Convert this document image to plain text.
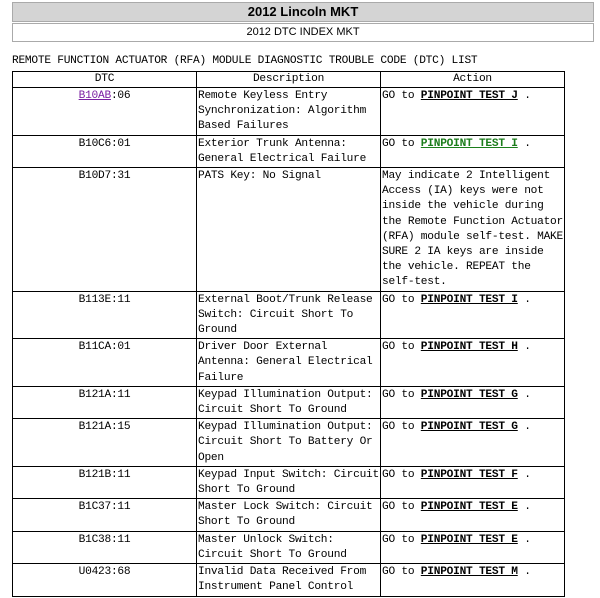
2012 Lincoln MKT
2012 DTC INDEX MKT
REMOTE FUNCTION ACTUATOR (RFA) MODULE DIAGNOSTIC TROUBLE CODE (DTC) LIST
DTC	Description	Action
B10AB:06	Remote Keyless Entry Synchronization: Algorithm Based Failures	GO to PINPOINT TEST J .
B10C6:01	Exterior Trunk Antenna: General Electrical Failure	GO to PINPOINT TEST I .
B10D7:31	PATS Key: No Signal	May indicate 2 Intelligent Access (IA) keys were not inside the vehicle during the Remote Function Actuator (RFA) module self-test. MAKE SURE 2 IA keys are inside the vehicle. REPEAT the self-test.
B113E:11	External Boot/Trunk Release Switch: Circuit Short To Ground	GO to PINPOINT TEST I .
B11CA:01	Driver Door External Antenna: General Electrical Failure	GO to PINPOINT TEST H .
B121A:11	Keypad Illumination Output: Circuit Short To Ground	GO to PINPOINT TEST G .
B121A:15	Keypad Illumination Output: Circuit Short To Battery Or Open	GO to PINPOINT TEST G .
B121B:11	Keypad Input Switch: Circuit Short To Ground	GO to PINPOINT TEST F .
B1C37:11	Master Lock Switch: Circuit Short To Ground	GO to PINPOINT TEST E .
B1C38:11	Master Unlock Switch: Circuit Short To Ground	GO to PINPOINT TEST E .
U0423:68	Invalid Data Received From Instrument Panel Control	GO to PINPOINT TEST M .
